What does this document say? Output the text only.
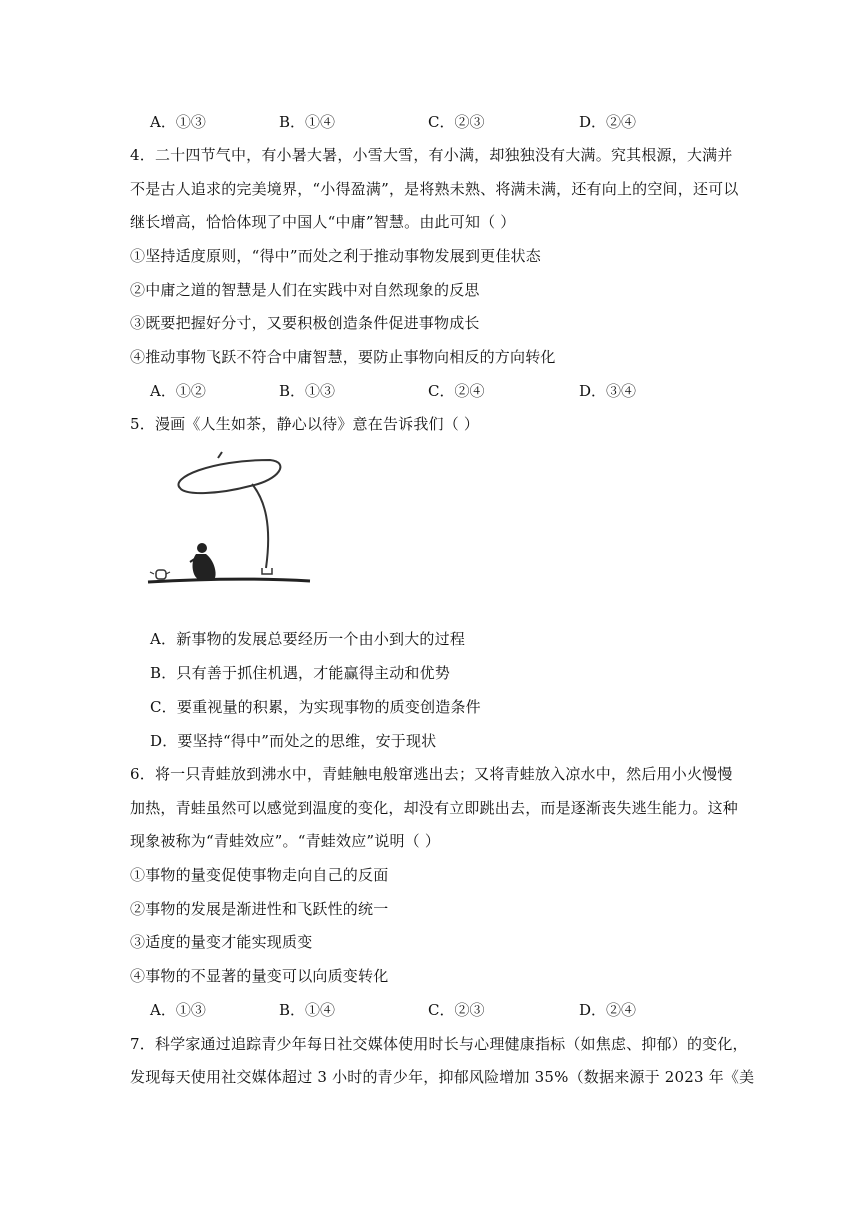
A．①③	B．①④	C．②③	D．②④
4．二十四节气中，有小暑大暑，小雪大雪，有小满，却独独没有大满。究其根源，大满并
不是古人追求的完美境界，“小得盈满”，是将熟未熟、将满未满，还有向上的空间，还可以
继长增高，恰恰体现了中国人“中庸”智慧。由此可知（ ）
①坚持适度原则，“得中”而处之利于推动事物发展到更佳状态
②中庸之道的智慧是人们在实践中对自然现象的反思
③既要把握好分寸，又要积极创造条件促进事物成长
④推动事物飞跃不符合中庸智慧，要防止事物向相反的方向转化
A．①②	B．①③	C．②④	D．③④
5．漫画《人生如茶，静心以待》意在告诉我们（ ）
A．新事物的发展总要经历一个由小到大的过程
B．只有善于抓住机遇，才能赢得主动和优势
C．要重视量的积累，为实现事物的质变创造条件
D．要坚持“得中”而处之的思维，安于现状
6．将一只青蛙放到沸水中，青蛙触电般窜逃出去；又将青蛙放入凉水中，然后用小火慢慢
加热，青蛙虽然可以感觉到温度的变化，却没有立即跳出去，而是逐渐丧失逃生能力。这种
现象被称为“青蛙效应”。“青蛙效应”说明（ ）
①事物的量变促使事物走向自己的反面
②事物的发展是渐进性和飞跃性的统一
③适度的量变才能实现质变
④事物的不显著的量变可以向质变转化
A．①③	B．①④	C．②③	D．②④
7．科学家通过追踪青少年每日社交媒体使用时长与心理健康指标（如焦虑、抑郁）的变化，
发现每天使用社交媒体超过 3 小时的青少年，抑郁风险增加 35%（数据来源于 2023 年《美
